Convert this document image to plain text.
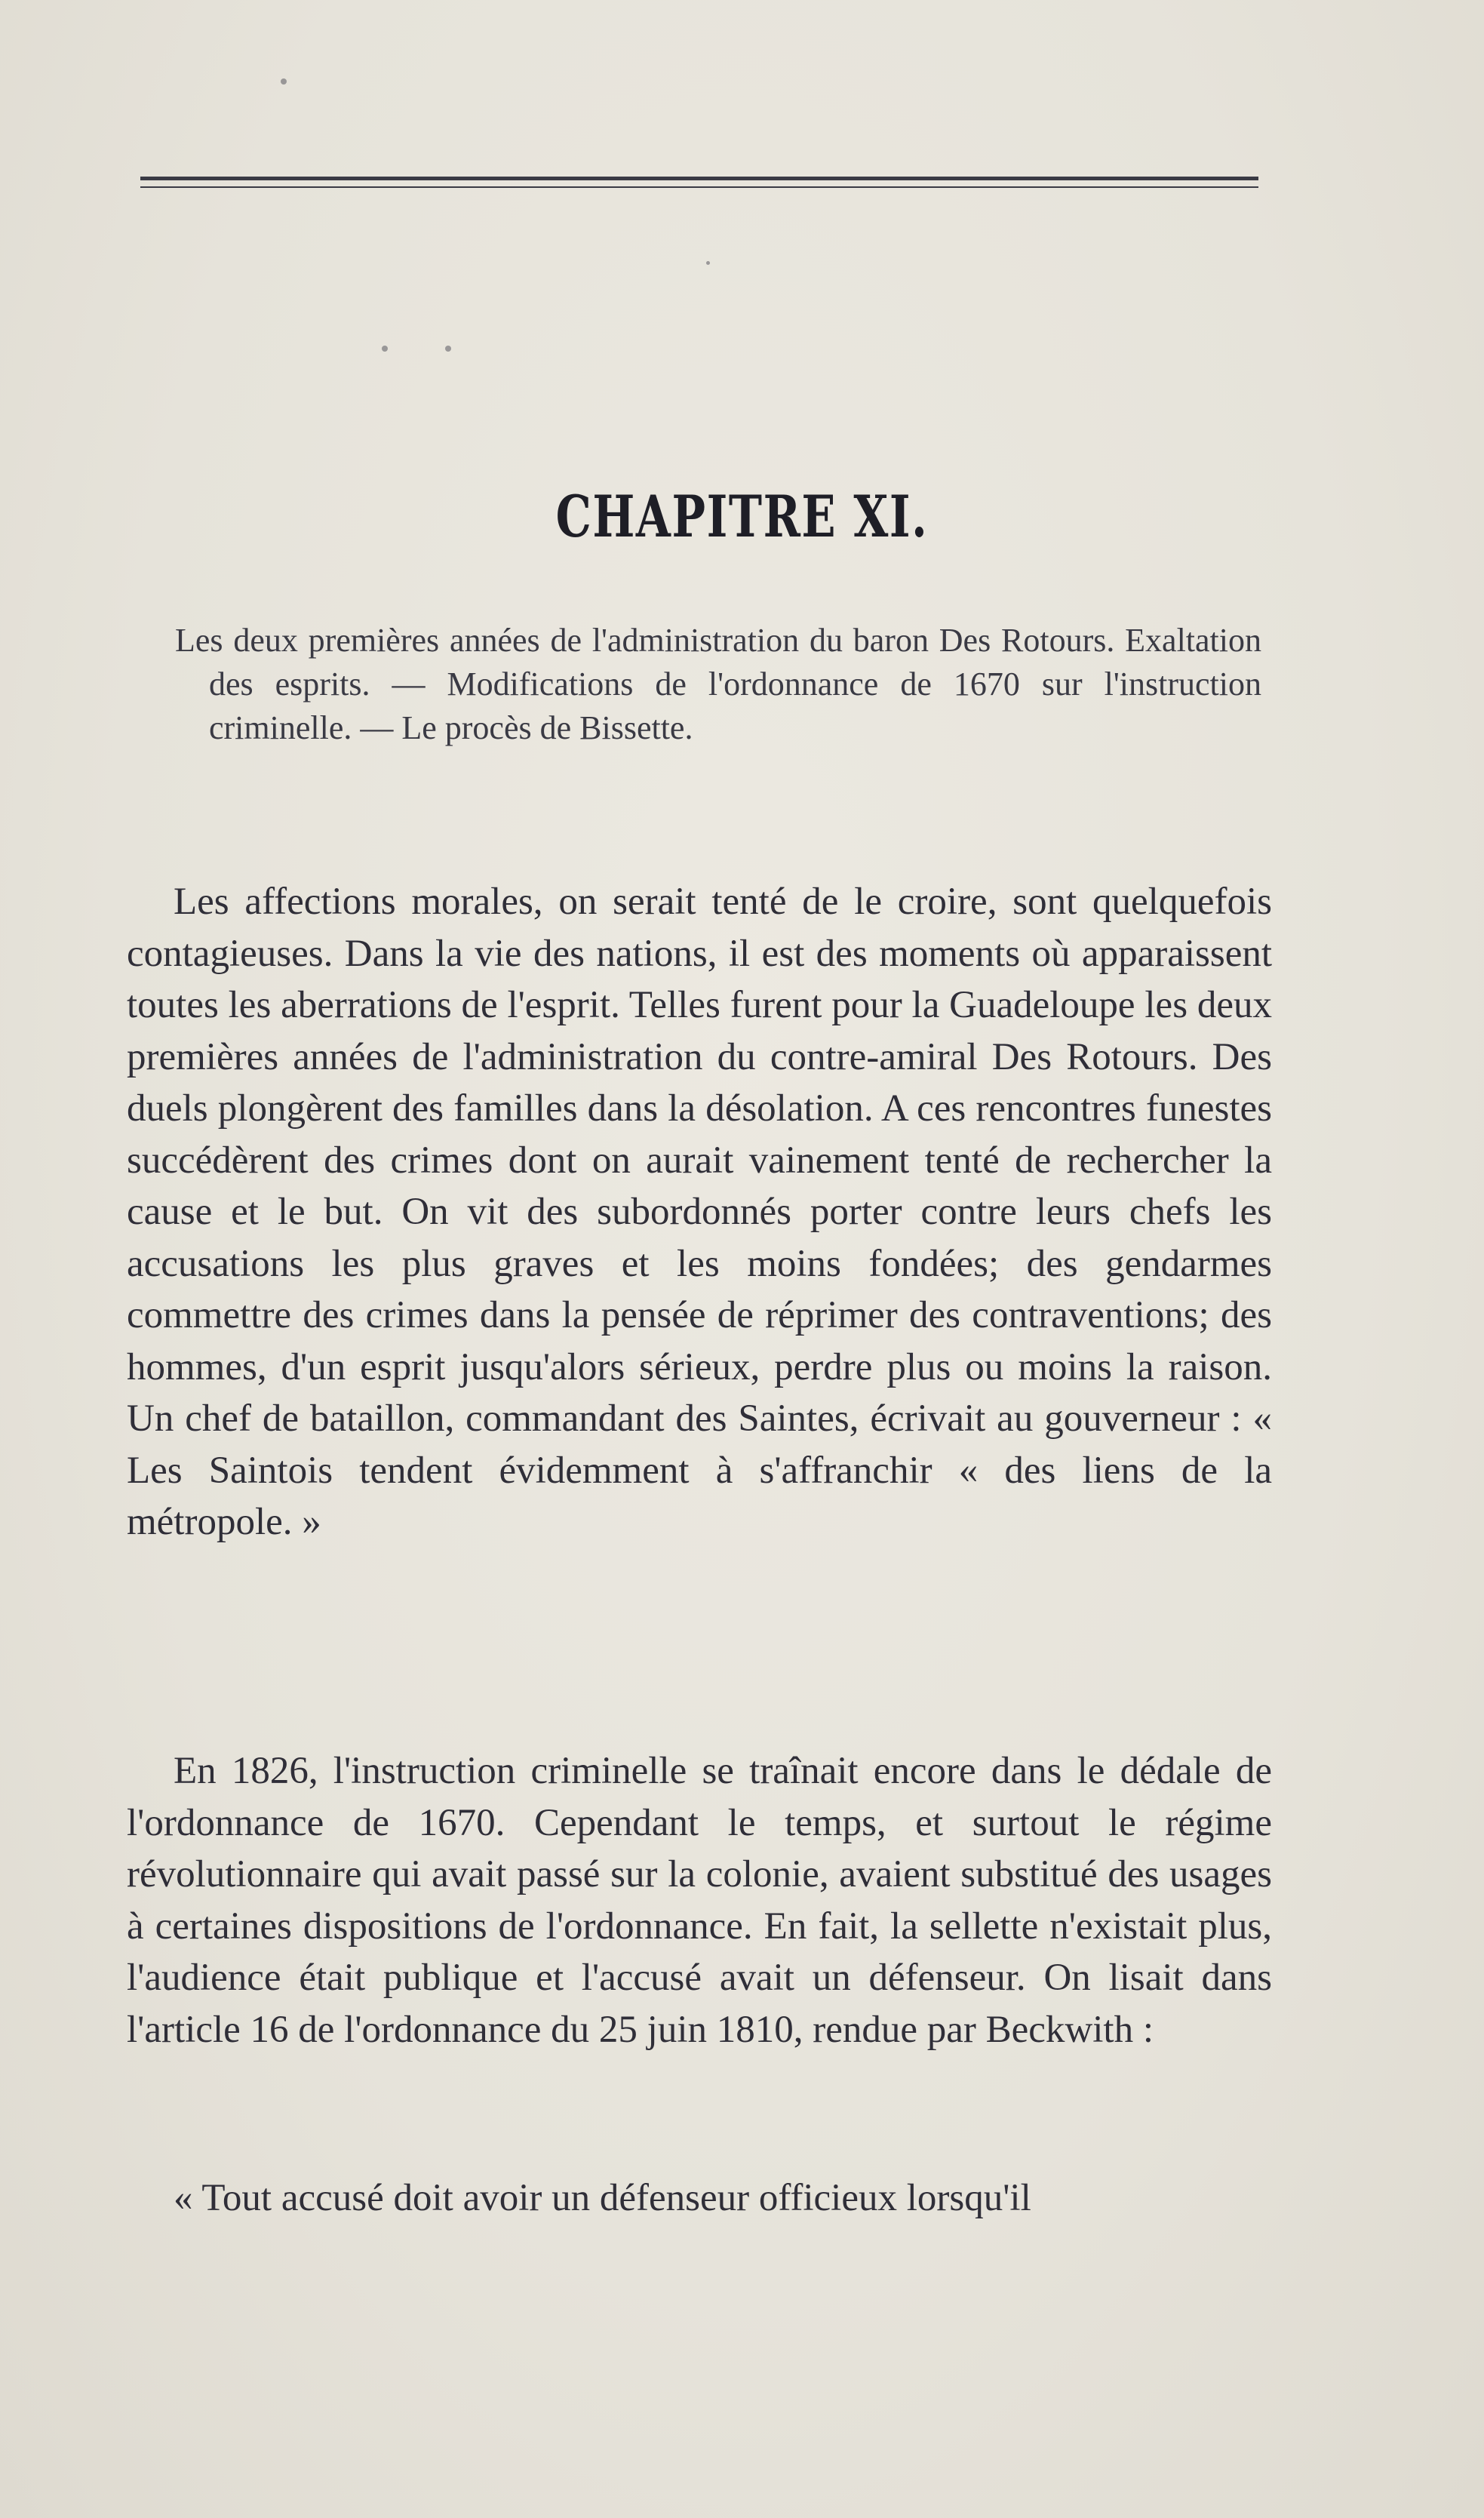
CHAPITRE XI.
Les deux premières années de l'administration du baron Des Rotours. Exaltation des esprits. — Modifications de l'ordonnance de 1670 sur l'instruction criminelle. — Le procès de Bissette.

Les affections morales, on serait tenté de le croire, sont quelquefois contagieuses. Dans la vie des nations, il est des moments où apparaissent toutes les aberrations de l'esprit. Telles furent pour la Guadeloupe les deux premières années de l'administration du contre-amiral Des Rotours. Des duels plongèrent des familles dans la désolation. A ces rencontres funestes succédèrent des crimes dont on aurait vainement tenté de rechercher la cause et le but. On vit des subordonnés porter contre leurs chefs les accusations les plus graves et les moins fondées; des gendarmes commettre des crimes dans la pensée de réprimer des contraventions; des hommes, d'un esprit jusqu'alors sérieux, perdre plus ou moins la raison. Un chef de bataillon, commandant des Saintes, écrivait au gouverneur : « Les Saintois tendent évidemment à s'affranchir « des liens de la métropole. »

En 1826, l'instruction criminelle se traînait encore dans le dédale de l'ordonnance de 1670. Cependant le temps, et surtout le régime révolutionnaire qui avait passé sur la colonie, avaient substitué des usages à certaines dispositions de l'ordonnance. En fait, la sellette n'existait plus, l'audience était publique et l'accusé avait un défenseur. On lisait dans l'article 16 de l'ordonnance du 25 juin 1810, rendue par Beckwith :

« Tout accusé doit avoir un défenseur officieux lorsqu'il
